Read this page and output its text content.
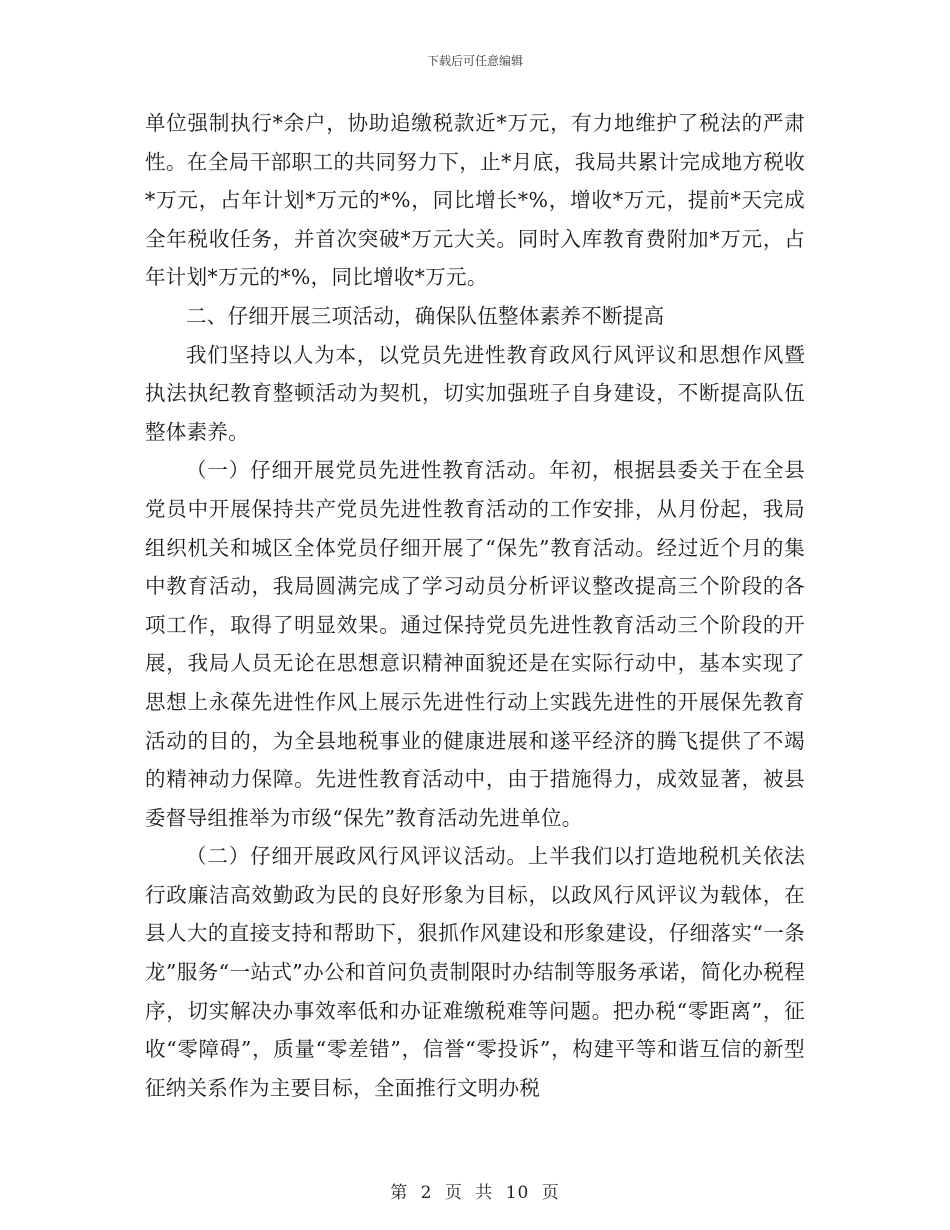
下载后可任意编辑

单位强制执行*余户，协助追缴税款近*万元，有力地维护了税法的严肃性。在全局干部职工的共同努力下，止*月底，我局共累计完成地方税收*万元，占年计划*万元的*%，同比增长*%，增收*万元，提前*天完成全年税收任务，并首次突破*万元大关。同时入库教育费附加*万元，占年计划*万元的*%，同比增收*万元。

二、仔细开展三项活动，确保队伍整体素养不断提高

我们坚持以人为本，以党员先进性教育政风行风评议和思想作风暨执法执纪教育整顿活动为契机，切实加强班子自身建设，不断提高队伍整体素养。

（一）仔细开展党员先进性教育活动。年初，根据县委关于在全县党员中开展保持共产党员先进性教育活动的工作安排，从月份起，我局组织机关和城区全体党员仔细开展了“保先”教育活动。经过近个月的集中教育活动，我局圆满完成了学习动员分析评议整改提高三个阶段的各项工作，取得了明显效果。通过保持党员先进性教育活动三个阶段的开展，我局人员无论在思想意识精神面貌还是在实际行动中，基本实现了思想上永葆先进性作风上展示先进性行动上实践先进性的开展保先教育活动的目的，为全县地税事业的健康进展和遂平经济的腾飞提供了不竭的精神动力保障。先进性教育活动中，由于措施得力，成效显著，被县委督导组推举为市级“保先”教育活动先进单位。

（二）仔细开展政风行风评议活动。上半我们以打造地税机关依法行政廉洁高效勤政为民的良好形象为目标，以政风行风评议为载体，在县人大的直接支持和帮助下，狠抓作风建设和形象建设，仔细落实“一条龙”服务“一站式”办公和首问负责制限时办结制等服务承诺，简化办税程序，切实解决办事效率低和办证难缴税难等问题。把办税“零距离”，征收“零障碍”，质量“零差错”，信誉“零投诉”，构建平等和谐互信的新型征纳关系作为主要目标，全面推行文明办税

第 2 页 共 10 页
